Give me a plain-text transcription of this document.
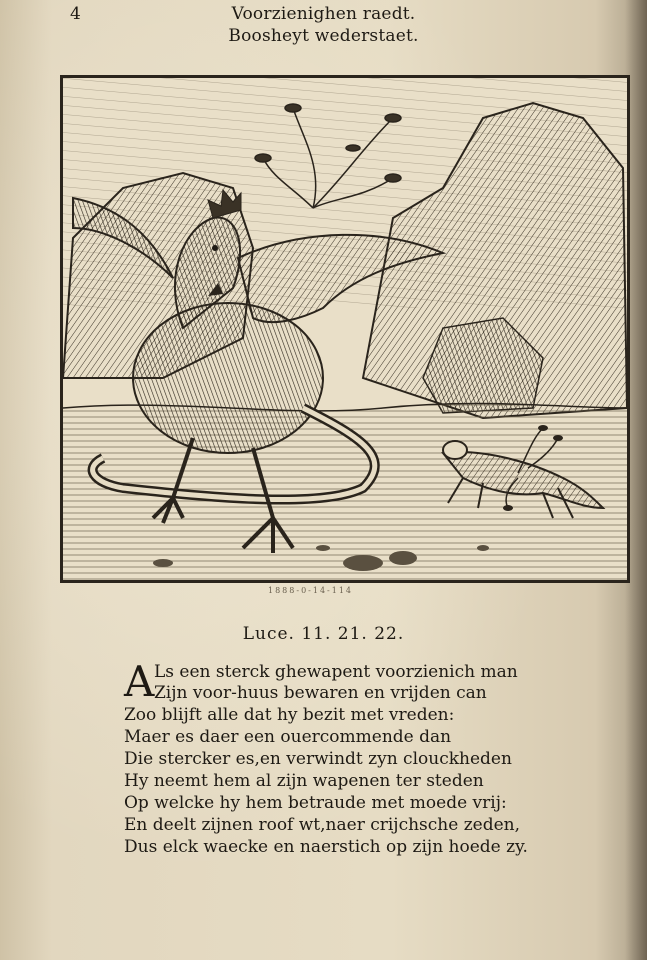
4	Voorzienighen raedt.
Boosheyt wederstaet.
1888-0-14-114
Luce. 11. 21. 22.
A Ls een sterck ghewapent voorzienich man
Zijn voor-huus bewaren en vrijden can
Zoo blijft alle dat hy bezit met vreden:
Maer es daer een ouercommende dan
Die stercker es,en verwindt zyn clouckheden
Hy neemt hem al zijn wapenen ter steden
Op welcke hy hem betraude met moede vrij:
En deelt zijnen roof wt,naer crijchsche zeden,
Dus elck waecke en naerstich op zijn hoede zy.
